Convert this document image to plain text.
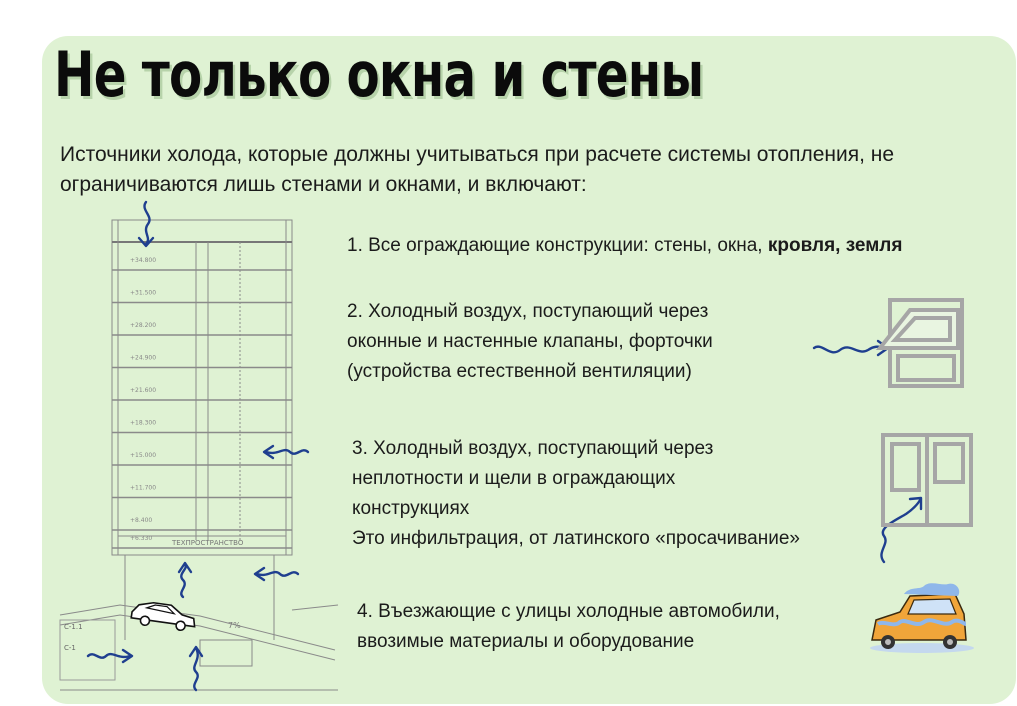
Не только окна и стены
Источники холода, которые должны учитываться при расчете системы отопления, не ограничиваются лишь стенами и окнами, и включают:
+34.800
+31.500
+28.200
+24.900
+21.600
+18.300
+15.000
+11.700
+8.400
+6.330
ТЕХПРОСТРАНСТВО
7%
С-1.1
С-1
1. Все ограждающие конструкции: стены, окна, кровля, земля
2. Холодный воздух, поступающий через
оконные и настенные клапаны, форточки
(устройства естественной вентиляции)
3. Холодный воздух, поступающий через
неплотности и щели в ограждающих
конструкциях
Это инфильтрация, от латинского «просачивание»
4. Въезжающие с улицы холодные автомобили,
ввозимые материалы и оборудование
